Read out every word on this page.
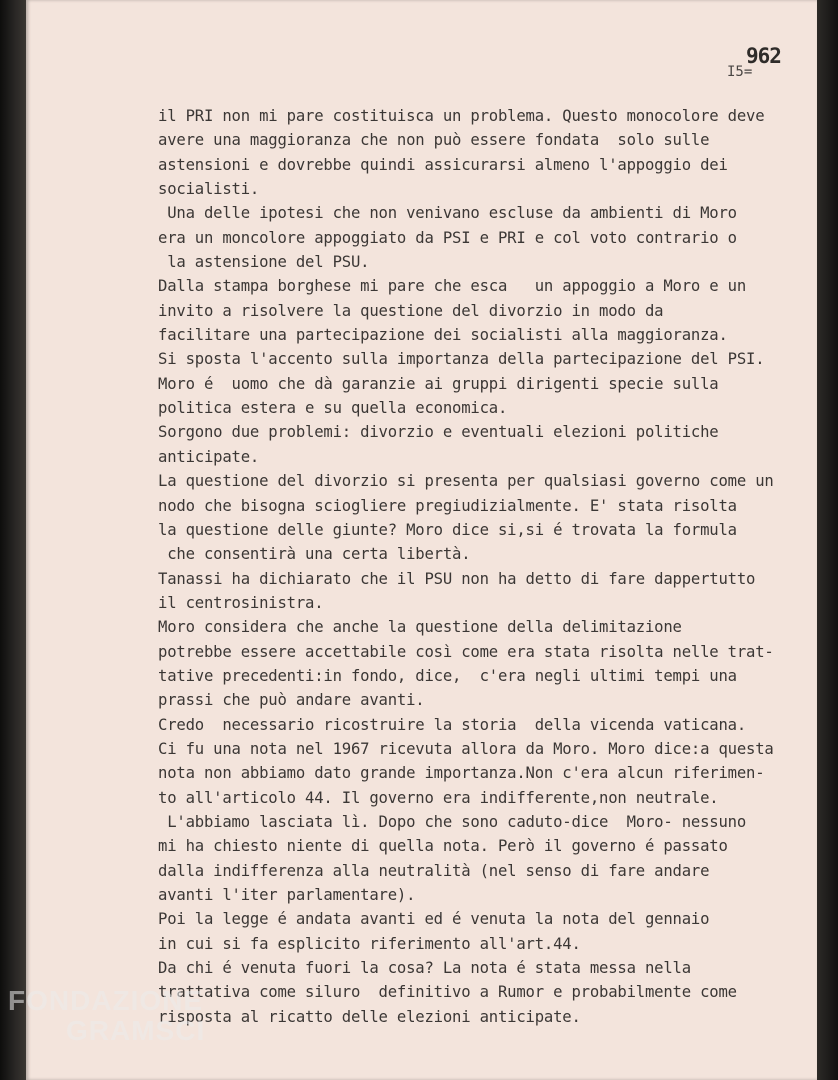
962
I5=
il PRI non mi pare costituisca un problema. Questo monocolore deve
avere una maggioranza che non può essere fondata  solo sulle
astensioni e dovrebbe quindi assicurarsi almeno l'appoggio dei
socialisti.
Una delle ipotesi che non venivano escluse da ambienti di Moro
era un moncolore appoggiato da PSI e PRI e col voto contrario o
la astensione del PSU.
Dalla stampa borghese mi pare che esca   un appoggio a Moro e un
invito a risolvere la questione del divorzio in modo da
facilitare una partecipazione dei socialisti alla maggioranza.
Si sposta l'accento sulla importanza della partecipazione del PSI.
Moro é  uomo che dà garanzie ai gruppi dirigenti specie sulla
politica estera e su quella economica.
Sorgono due problemi: divorzio e eventuali elezioni politiche
anticipate.
La questione del divorzio si presenta per qualsiasi governo come un
nodo che bisogna sciogliere pregiudizialmente. E' stata risolta
la questione delle giunte? Moro dice si,si é trovata la formula
che consentirà una certa libertà.
Tanassi ha dichiarato che il PSU non ha detto di fare dappertutto
il centrosinistra.
Moro considera che anche la questione della delimitazione
potrebbe essere accettabile così come era stata risolta nelle trat-
tative precedenti:in fondo, dice,  c'era negli ultimi tempi una
prassi che può andare avanti.
Credo  necessario ricostruire la storia  della vicenda vaticana.
Ci fu una nota nel 1967 ricevuta allora da Moro. Moro dice:a questa
nota non abbiamo dato grande importanza.Non c'era alcun riferimen-
to all'articolo 44. Il governo era indifferente,non neutrale.
L'abbiamo lasciata lì. Dopo che sono caduto-dice  Moro- nessuno
mi ha chiesto niente di quella nota. Però il governo é passato
dalla indifferenza alla neutralità (nel senso di fare andare
avanti l'iter parlamentare).
Poi la legge é andata avanti ed é venuta la nota del gennaio
in cui si fa esplicito riferimento all'art.44.
Da chi é venuta fuori la cosa? La nota é stata messa nella
trattativa come siluro  definitivo a Rumor e probabilmente come
risposta al ricatto delle elezioni anticipate.
FONDAZIONE
GRAMSCI
